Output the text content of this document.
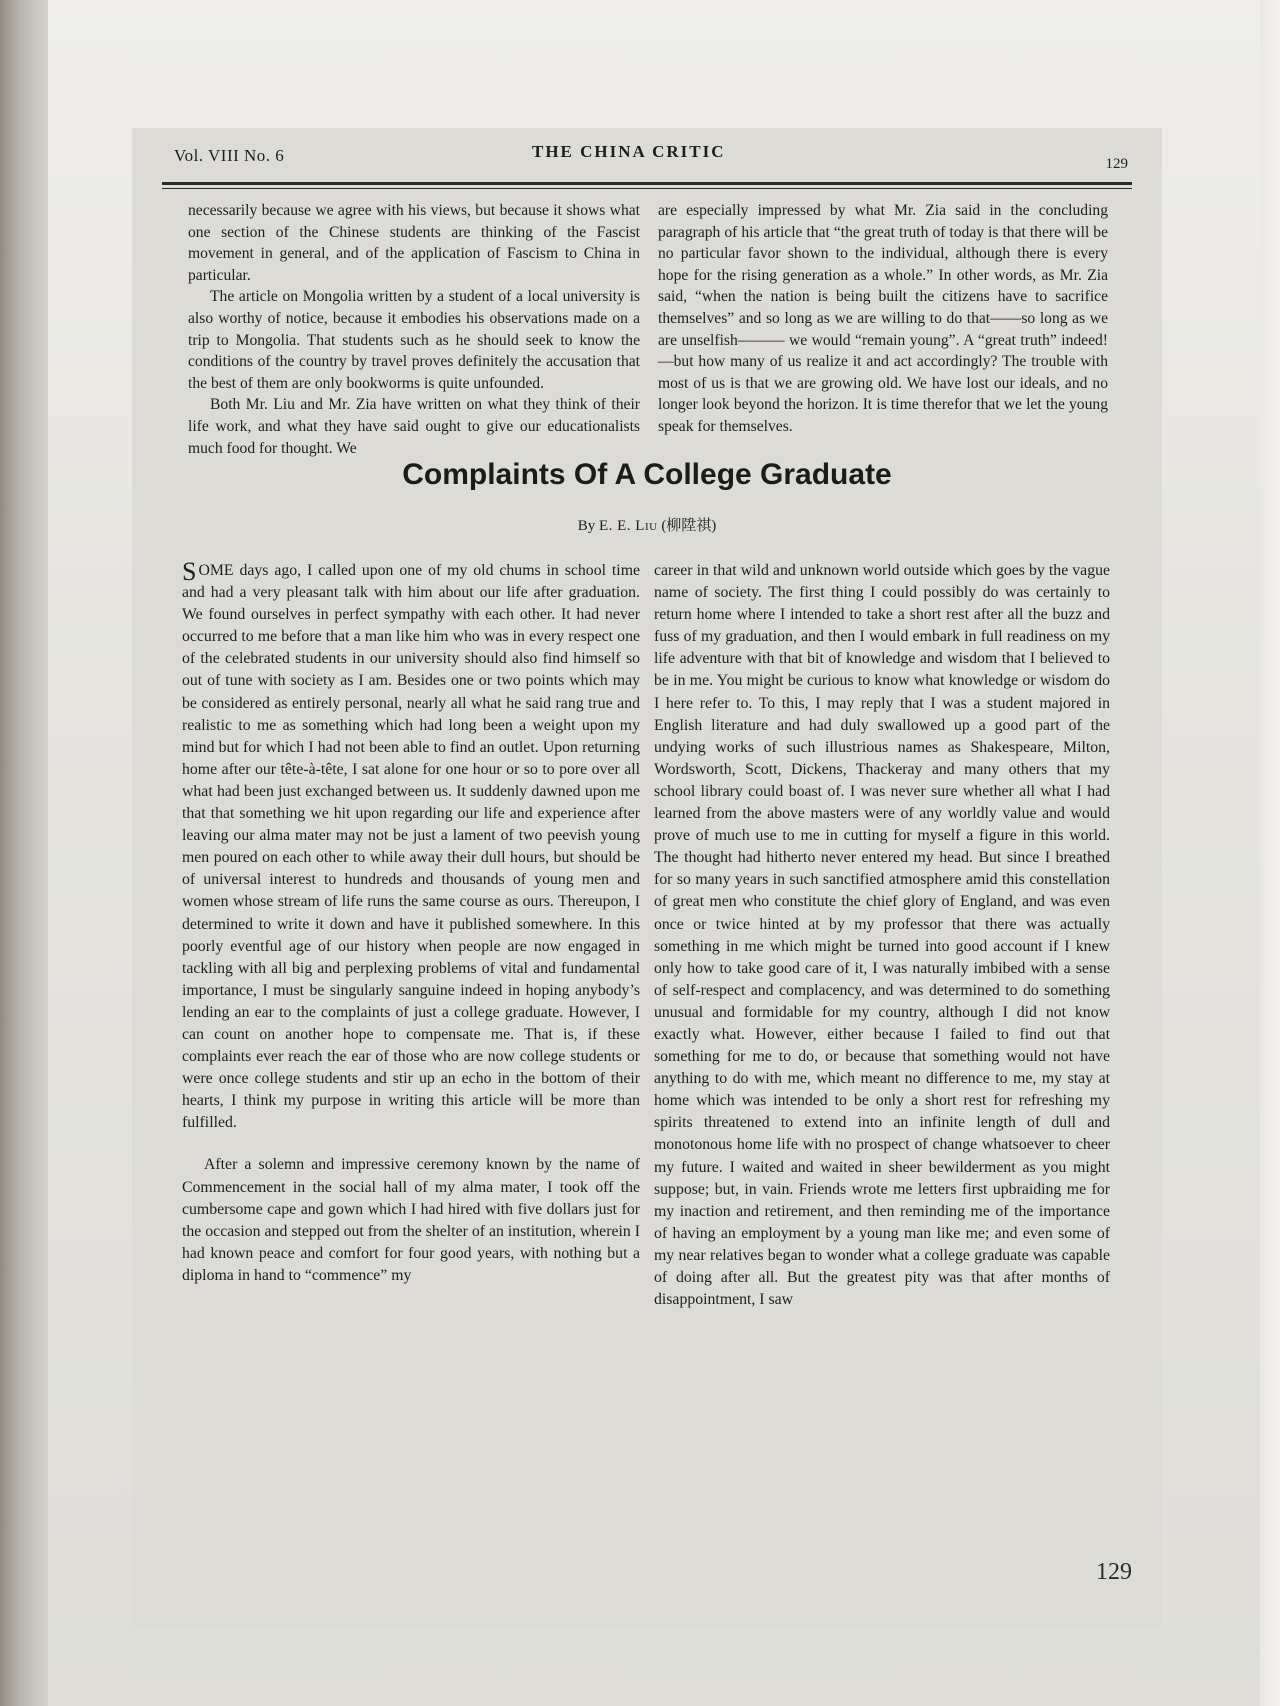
Vol. VIII No. 6	THE CHINA CRITIC
129

necessarily because we agree with his views, but because it shows what one section of the Chinese students are thinking of the Fascist movement in general, and of the application of Fascism to China in particular.

The article on Mongolia written by a student of a local university is also worthy of notice, because it embodies his observations made on a trip to Mongolia. That students such as he should seek to know the conditions of the country by travel proves definitely the accusation that the best of them are only bookworms is quite unfounded.

Both Mr. Liu and Mr. Zia have written on what they think of their life work, and what they have said ought to give our educationalists much food for thought. We

are especially impressed by what Mr. Zia said in the concluding paragraph of his article that “the great truth of today is that there will be no particular favor shown to the individual, although there is every hope for the rising generation as a whole.” In other words, as Mr. Zia said, “when the nation is being built the citizens have to sacrifice themselves” and so long as we are willing to do that——so long as we are unselfish——— we would “remain young”. A “great truth” indeed!—but how many of us realize it and act accordingly? The trouble with most of us is that we are growing old. We have lost our ideals, and no longer look beyond the horizon. It is time therefor that we let the young speak for themselves.

Complaints Of A College Graduate
By E. E. Liu (柳陞祺)

SOME days ago, I called upon one of my old chums in school time and had a very pleasant talk with him about our life after graduation. We found ourselves in perfect sympathy with each other. It had never occurred to me before that a man like him who was in every respect one of the celebrated students in our university should also find himself so out of tune with society as I am. Besides one or two points which may be considered as entirely personal, nearly all what he said rang true and realistic to me as something which had long been a weight upon my mind but for which I had not been able to find an outlet. Upon returning home after our tête-à-tête, I sat alone for one hour or so to pore over all what had been just exchanged between us. It suddenly dawned upon me that that something we hit upon regarding our life and experience after leaving our alma mater may not be just a lament of two peevish young men poured on each other to while away their dull hours, but should be of universal interest to hundreds and thousands of young men and women whose stream of life runs the same course as ours. Thereupon, I determined to write it down and have it published somewhere. In this poorly eventful age of our history when people are now engaged in tackling with all big and perplexing problems of vital and fundamental importance, I must be singularly sanguine indeed in hoping anybody’s lending an ear to the complaints of just a college graduate. However, I can count on another hope to compensate me. That is, if these complaints ever reach the ear of those who are now college students or were once college students and stir up an echo in the bottom of their hearts, I think my purpose in writing this article will be more than fulfilled.

After a solemn and impressive ceremony known by the name of Commencement in the social hall of my alma mater, I took off the cumbersome cape and gown which I had hired with five dollars just for the occasion and stepped out from the shelter of an institution, wherein I had known peace and comfort for four good years, with nothing but a diploma in hand to “commence” my

career in that wild and unknown world outside which goes by the vague name of society. The first thing I could possibly do was certainly to return home where I intended to take a short rest after all the buzz and fuss of my graduation, and then I would embark in full readiness on my life adventure with that bit of knowledge and wisdom that I believed to be in me. You might be curious to know what knowledge or wisdom do I here refer to. To this, I may reply that I was a student majored in English literature and had duly swallowed up a good part of the undying works of such illustrious names as Shakespeare, Milton, Wordsworth, Scott, Dickens, Thackeray and many others that my school library could boast of. I was never sure whether all what I had learned from the above masters were of any worldly value and would prove of much use to me in cutting for myself a figure in this world. The thought had hitherto never entered my head. But since I breathed for so many years in such sanctified atmosphere amid this constellation of great men who constitute the chief glory of England, and was even once or twice hinted at by my professor that there was actually something in me which might be turned into good account if I knew only how to take good care of it, I was naturally imbibed with a sense of self-respect and complacency, and was determined to do something unusual and formidable for my country, although I did not know exactly what. However, either because I failed to find out that something for me to do, or because that something would not have anything to do with me, which meant no difference to me, my stay at home which was intended to be only a short rest for refreshing my spirits threatened to extend into an infinite length of dull and monotonous home life with no prospect of change whatsoever to cheer my future. I waited and waited in sheer bewilderment as you might suppose; but, in vain. Friends wrote me letters first upbraiding me for my inaction and retirement, and then reminding me of the importance of having an employment by a young man like me; and even some of my near relatives began to wonder what a college graduate was capable of doing after all. But the greatest pity was that after months of disappointment, I saw

129
